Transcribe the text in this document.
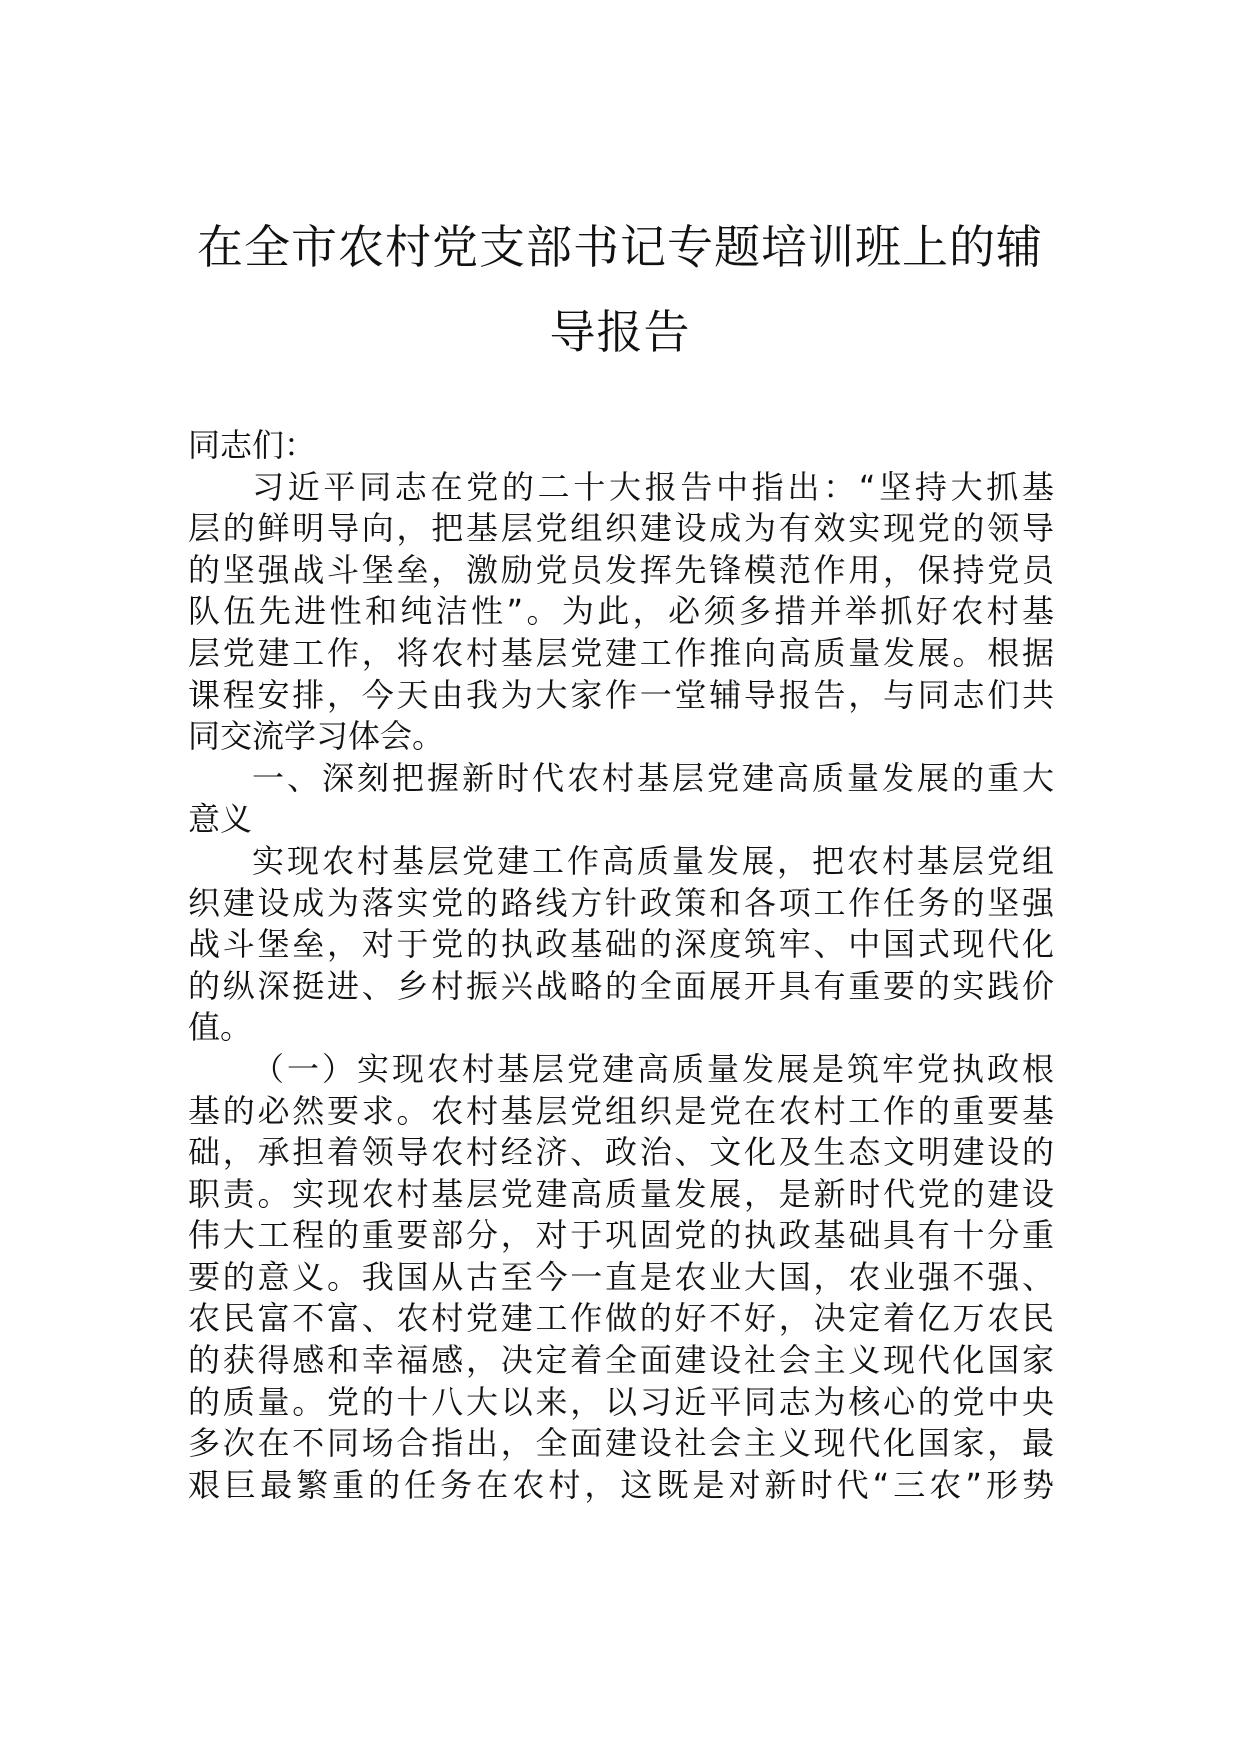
在全市农村党支部书记专题培训班上的辅
导报告

同志们：

习近平同志在党的二十大报告中指出：“坚持大抓基
层的鲜明导向，把基层党组织建设成为有效实现党的领导
的坚强战斗堡垒，激励党员发挥先锋模范作用，保持党员
队伍先进性和纯洁性”。为此，必须多措并举抓好农村基
层党建工作，将农村基层党建工作推向高质量发展。根据
课程安排，今天由我为大家作一堂辅导报告，与同志们共
同交流学习体会。

一、深刻把握新时代农村基层党建高质量发展的重大
意义

实现农村基层党建工作高质量发展，把农村基层党组
织建设成为落实党的路线方针政策和各项工作任务的坚强
战斗堡垒，对于党的执政基础的深度筑牢、中国式现代化
的纵深挺进、乡村振兴战略的全面展开具有重要的实践价
值。

（一）实现农村基层党建高质量发展是筑牢党执政根
基的必然要求。农村基层党组织是党在农村工作的重要基
础，承担着领导农村经济、政治、文化及生态文明建设的
职责。实现农村基层党建高质量发展，是新时代党的建设
伟大工程的重要部分，对于巩固党的执政基础具有十分重
要的意义。我国从古至今一直是农业大国，农业强不强、
农民富不富、农村党建工作做的好不好，决定着亿万农民
的获得感和幸福感，决定着全面建设社会主义现代化国家
的质量。党的十八大以来，以习近平同志为核心的党中央
多次在不同场合指出，全面建设社会主义现代化国家，最
艰巨最繁重的任务在农村，这既是对新时代“三农”形势
